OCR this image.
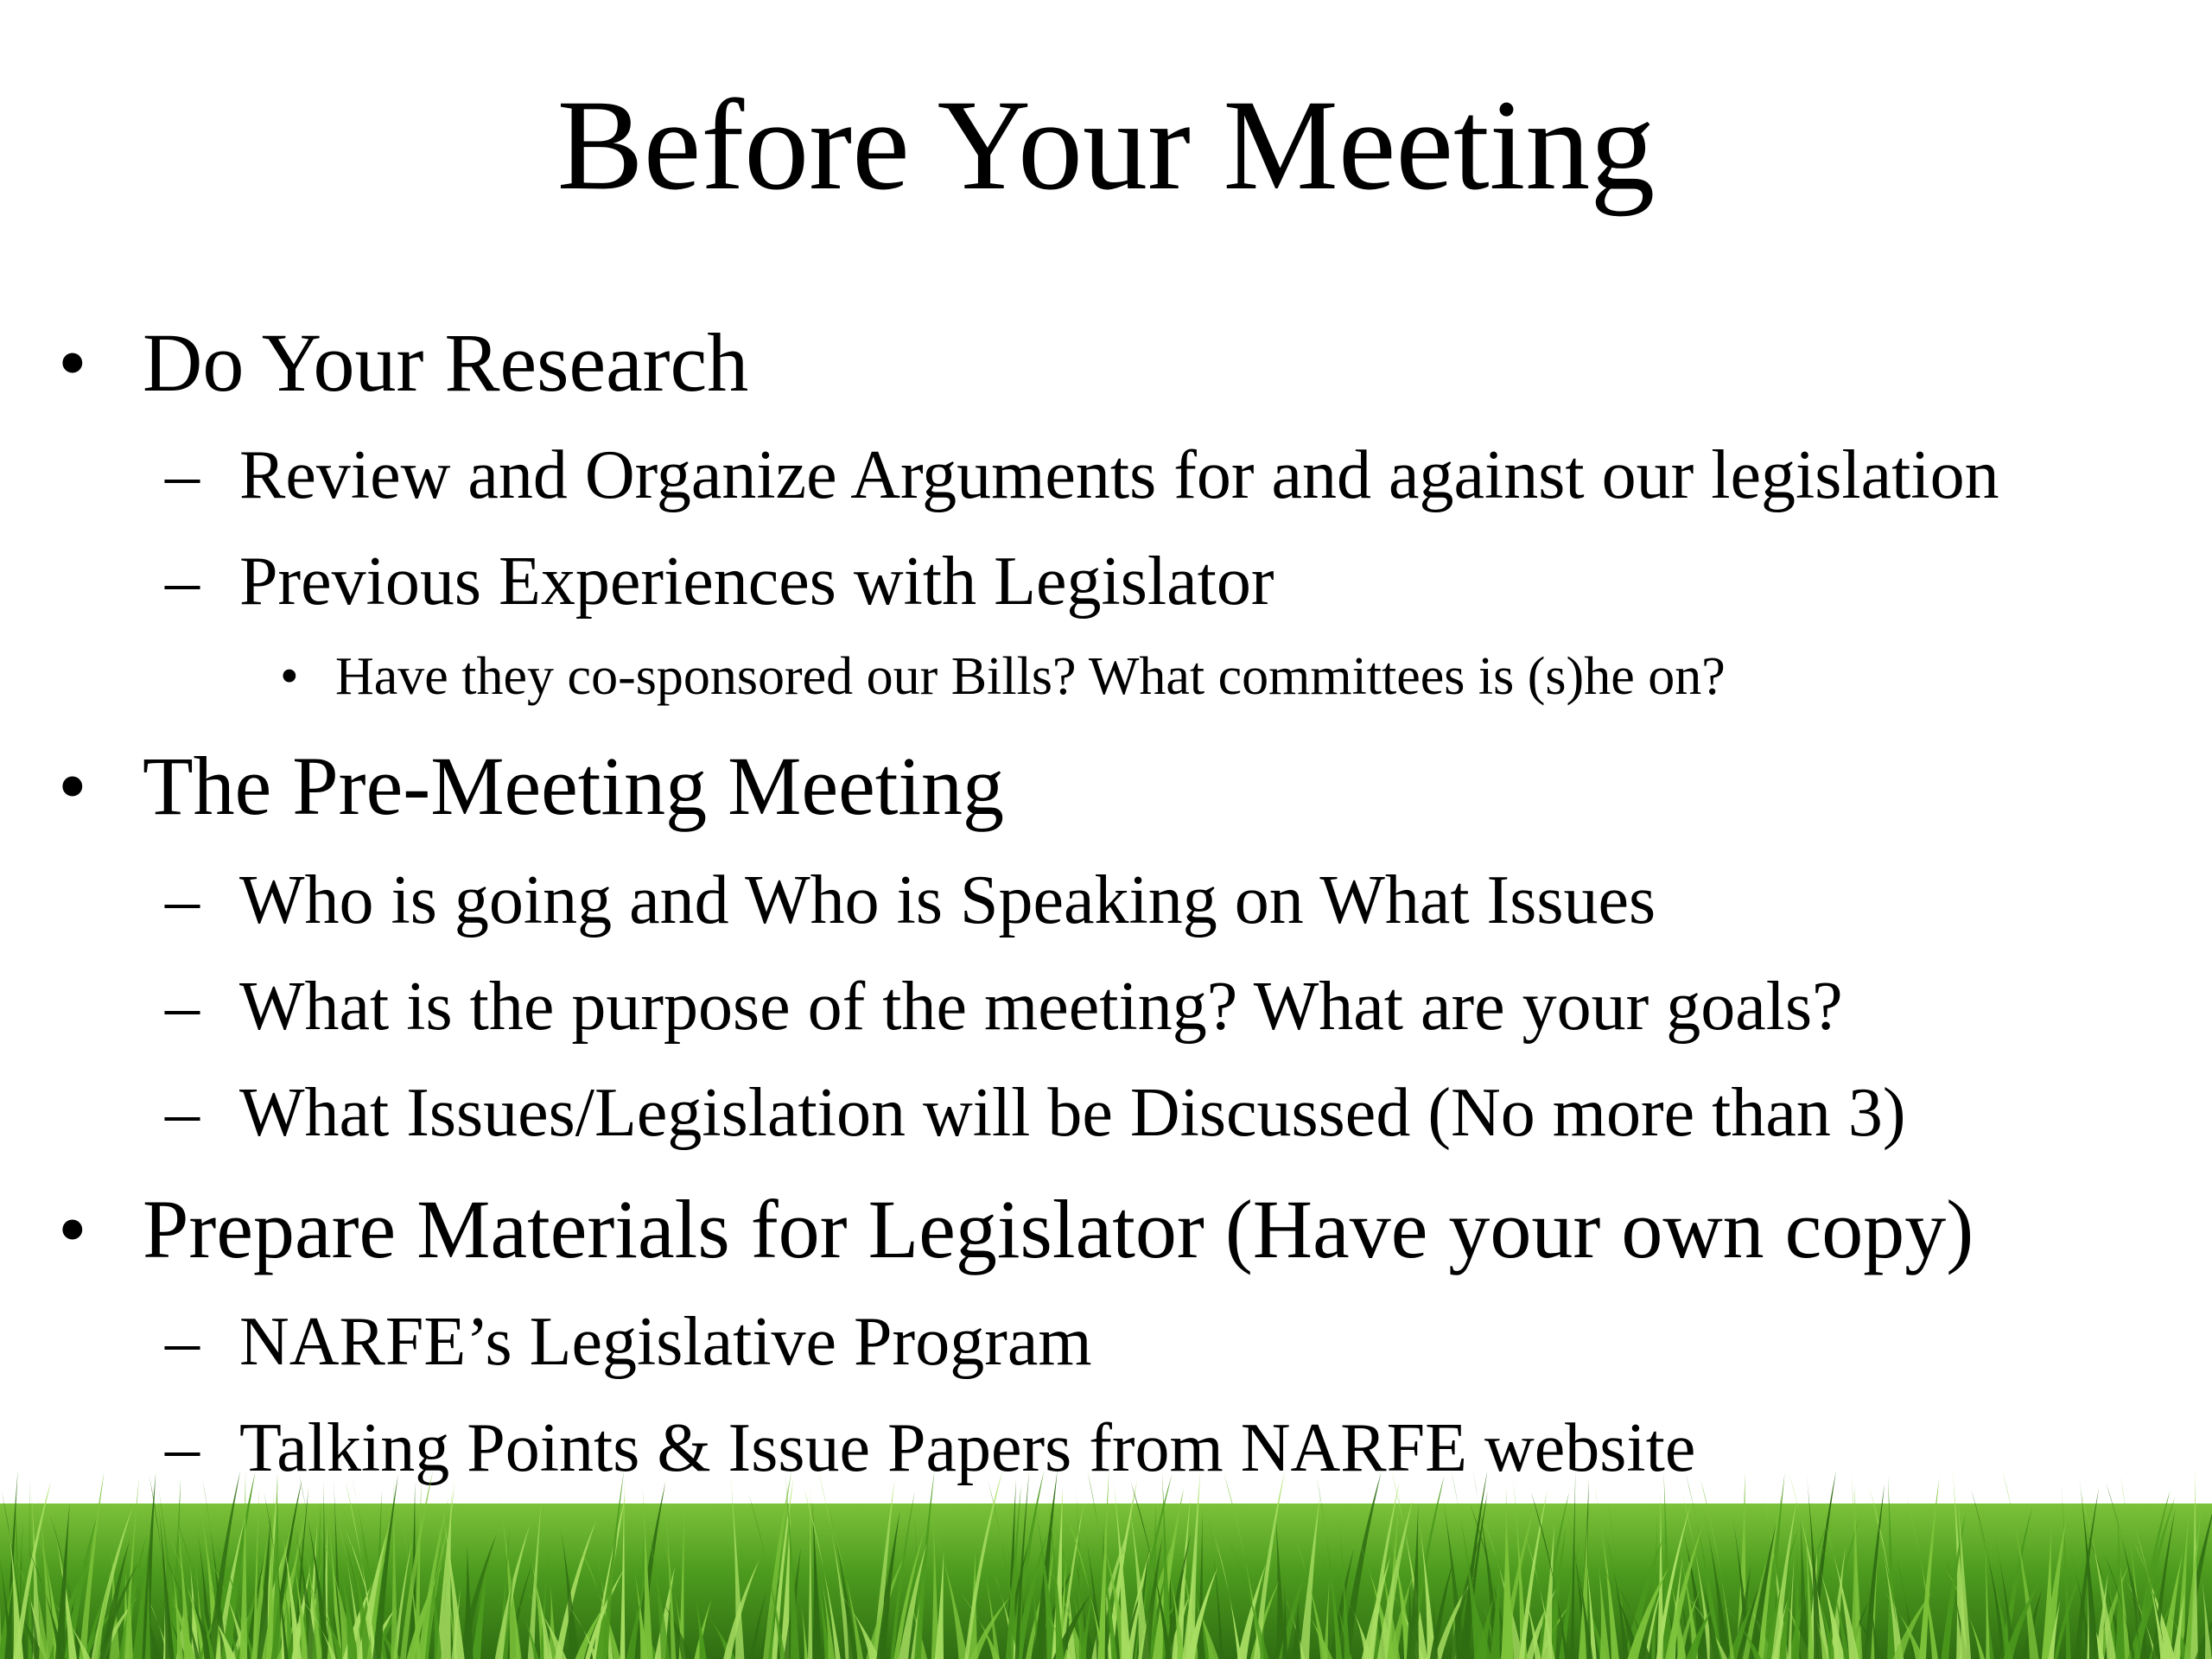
Before Your Meeting
• Do Your Research
– Review and Organize Arguments for and against our legislation
– Previous Experiences with Legislator
• Have they co-sponsored our Bills? What committees is (s)he on?
• The Pre-Meeting Meeting
– Who is going and Who is Speaking on What Issues
– What is the purpose of the meeting? What are your goals?
– What Issues/Legislation will be Discussed (No more than 3)
• Prepare Materials for Legislator (Have your own copy)
– NARFE’s Legislative Program
– Talking Points & Issue Papers from NARFE website
